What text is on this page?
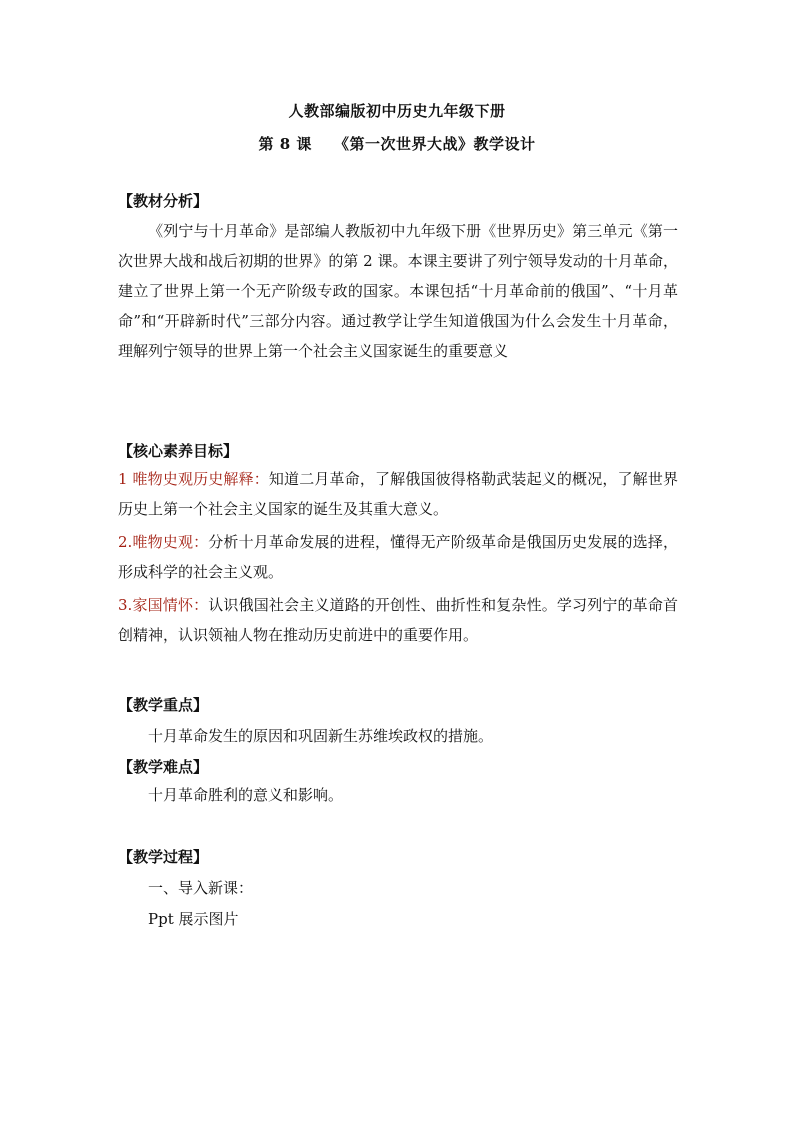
人教部编版初中历史九年级下册
第 8 课 《第一次世界大战》教学设计
【教材分析】
《列宁与十月革命》是部编人教版初中九年级下册《世界历史》第三单元《第一次世界大战和战后初期的世界》的第 2 课。本课主要讲了列宁领导发动的十月革命，建立了世界上第一个无产阶级专政的国家。本课包括“十月革命前的俄国”、“十月革命”和“开辟新时代”三部分内容。通过教学让学生知道俄国为什么会发生十月革命，理解列宁领导的世界上第一个社会主义国家诞生的重要意义
【核心素养目标】
1 唯物史观历史解释：知道二月革命，了解俄国彼得格勒武装起义的概况，了解世界历史上第一个社会主义国家的诞生及其重大意义。
2.唯物史观：分析十月革命发展的进程，懂得无产阶级革命是俄国历史发展的选择，形成科学的社会主义观。
3.家国情怀：认识俄国社会主义道路的开创性、曲折性和复杂性。学习列宁的革命首创精神，认识领袖人物在推动历史前进中的重要作用。
【教学重点】
十月革命发生的原因和巩固新生苏维埃政权的措施。
【教学难点】
十月革命胜利的意义和影响。
【教学过程】
一、导入新课：
Ppt 展示图片
